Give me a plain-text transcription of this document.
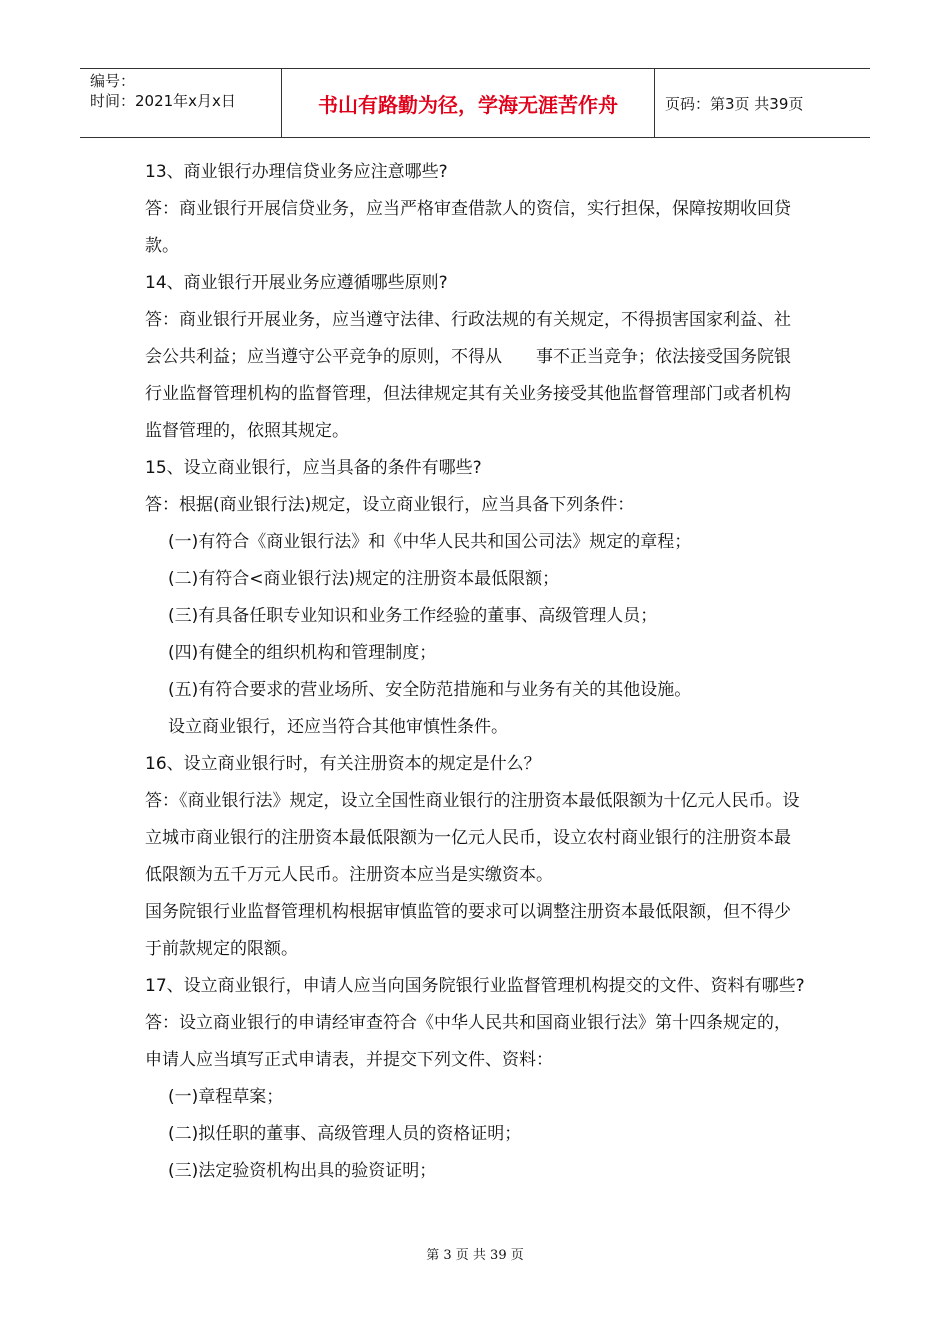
编号：
时间：2021年x月x日	书山有路勤为径，学海无涯苦作舟	页码：第3页 共39页

13、商业银行办理信贷业务应注意哪些?

答：商业银行开展信贷业务，应当严格审查借款人的资信，实行担保，保障按期收回贷款。

14、商业银行开展业务应遵循哪些原则?

答：商业银行开展业务，应当遵守法律、行政法规的有关规定，不得损害国家利益、社会公共利益；应当遵守公平竞争的原则，不得从　　事不正当竞争；依法接受国务院银行业监督管理机构的监督管理，但法律规定其有关业务接受其他监督管理部门或者机构监督管理的，依照其规定。

15、设立商业银行，应当具备的条件有哪些?

答：根据(商业银行法)规定，设立商业银行，应当具备下列条件：

(一)有符合《商业银行法》和《中华人民共和国公司法》规定的章程；

(二)有符合<商业银行法)规定的注册资本最低限额；

(三)有具备任职专业知识和业务工作经验的董事、高级管理人员；

(四)有健全的组织机构和管理制度；

(五)有符合要求的营业场所、安全防范措施和与业务有关的其他设施。

设立商业银行，还应当符合其他审慎性条件。

16、设立商业银行时，有关注册资本的规定是什么？

答：《商业银行法》规定，设立全国性商业银行的注册资本最低限额为十亿元人民币。设立城市商业银行的注册资本最低限额为一亿元人民币，设立农村商业银行的注册资本最低限额为五千万元人民币。注册资本应当是实缴资本。

国务院银行业监督管理机构根据审慎监管的要求可以调整注册资本最低限额，但不得少于前款规定的限额。

17、设立商业银行，申请人应当向国务院银行业监督管理机构提交的文件、资料有哪些?

答：设立商业银行的申请经审查符合《中华人民共和国商业银行法》第十四条规定的，申请人应当填写正式申请表，并提交下列文件、资料：

(一)章程草案；

(二)拟任职的董事、高级管理人员的资格证明；

(三)法定验资机构出具的验资证明；

第 3 页 共 39 页
